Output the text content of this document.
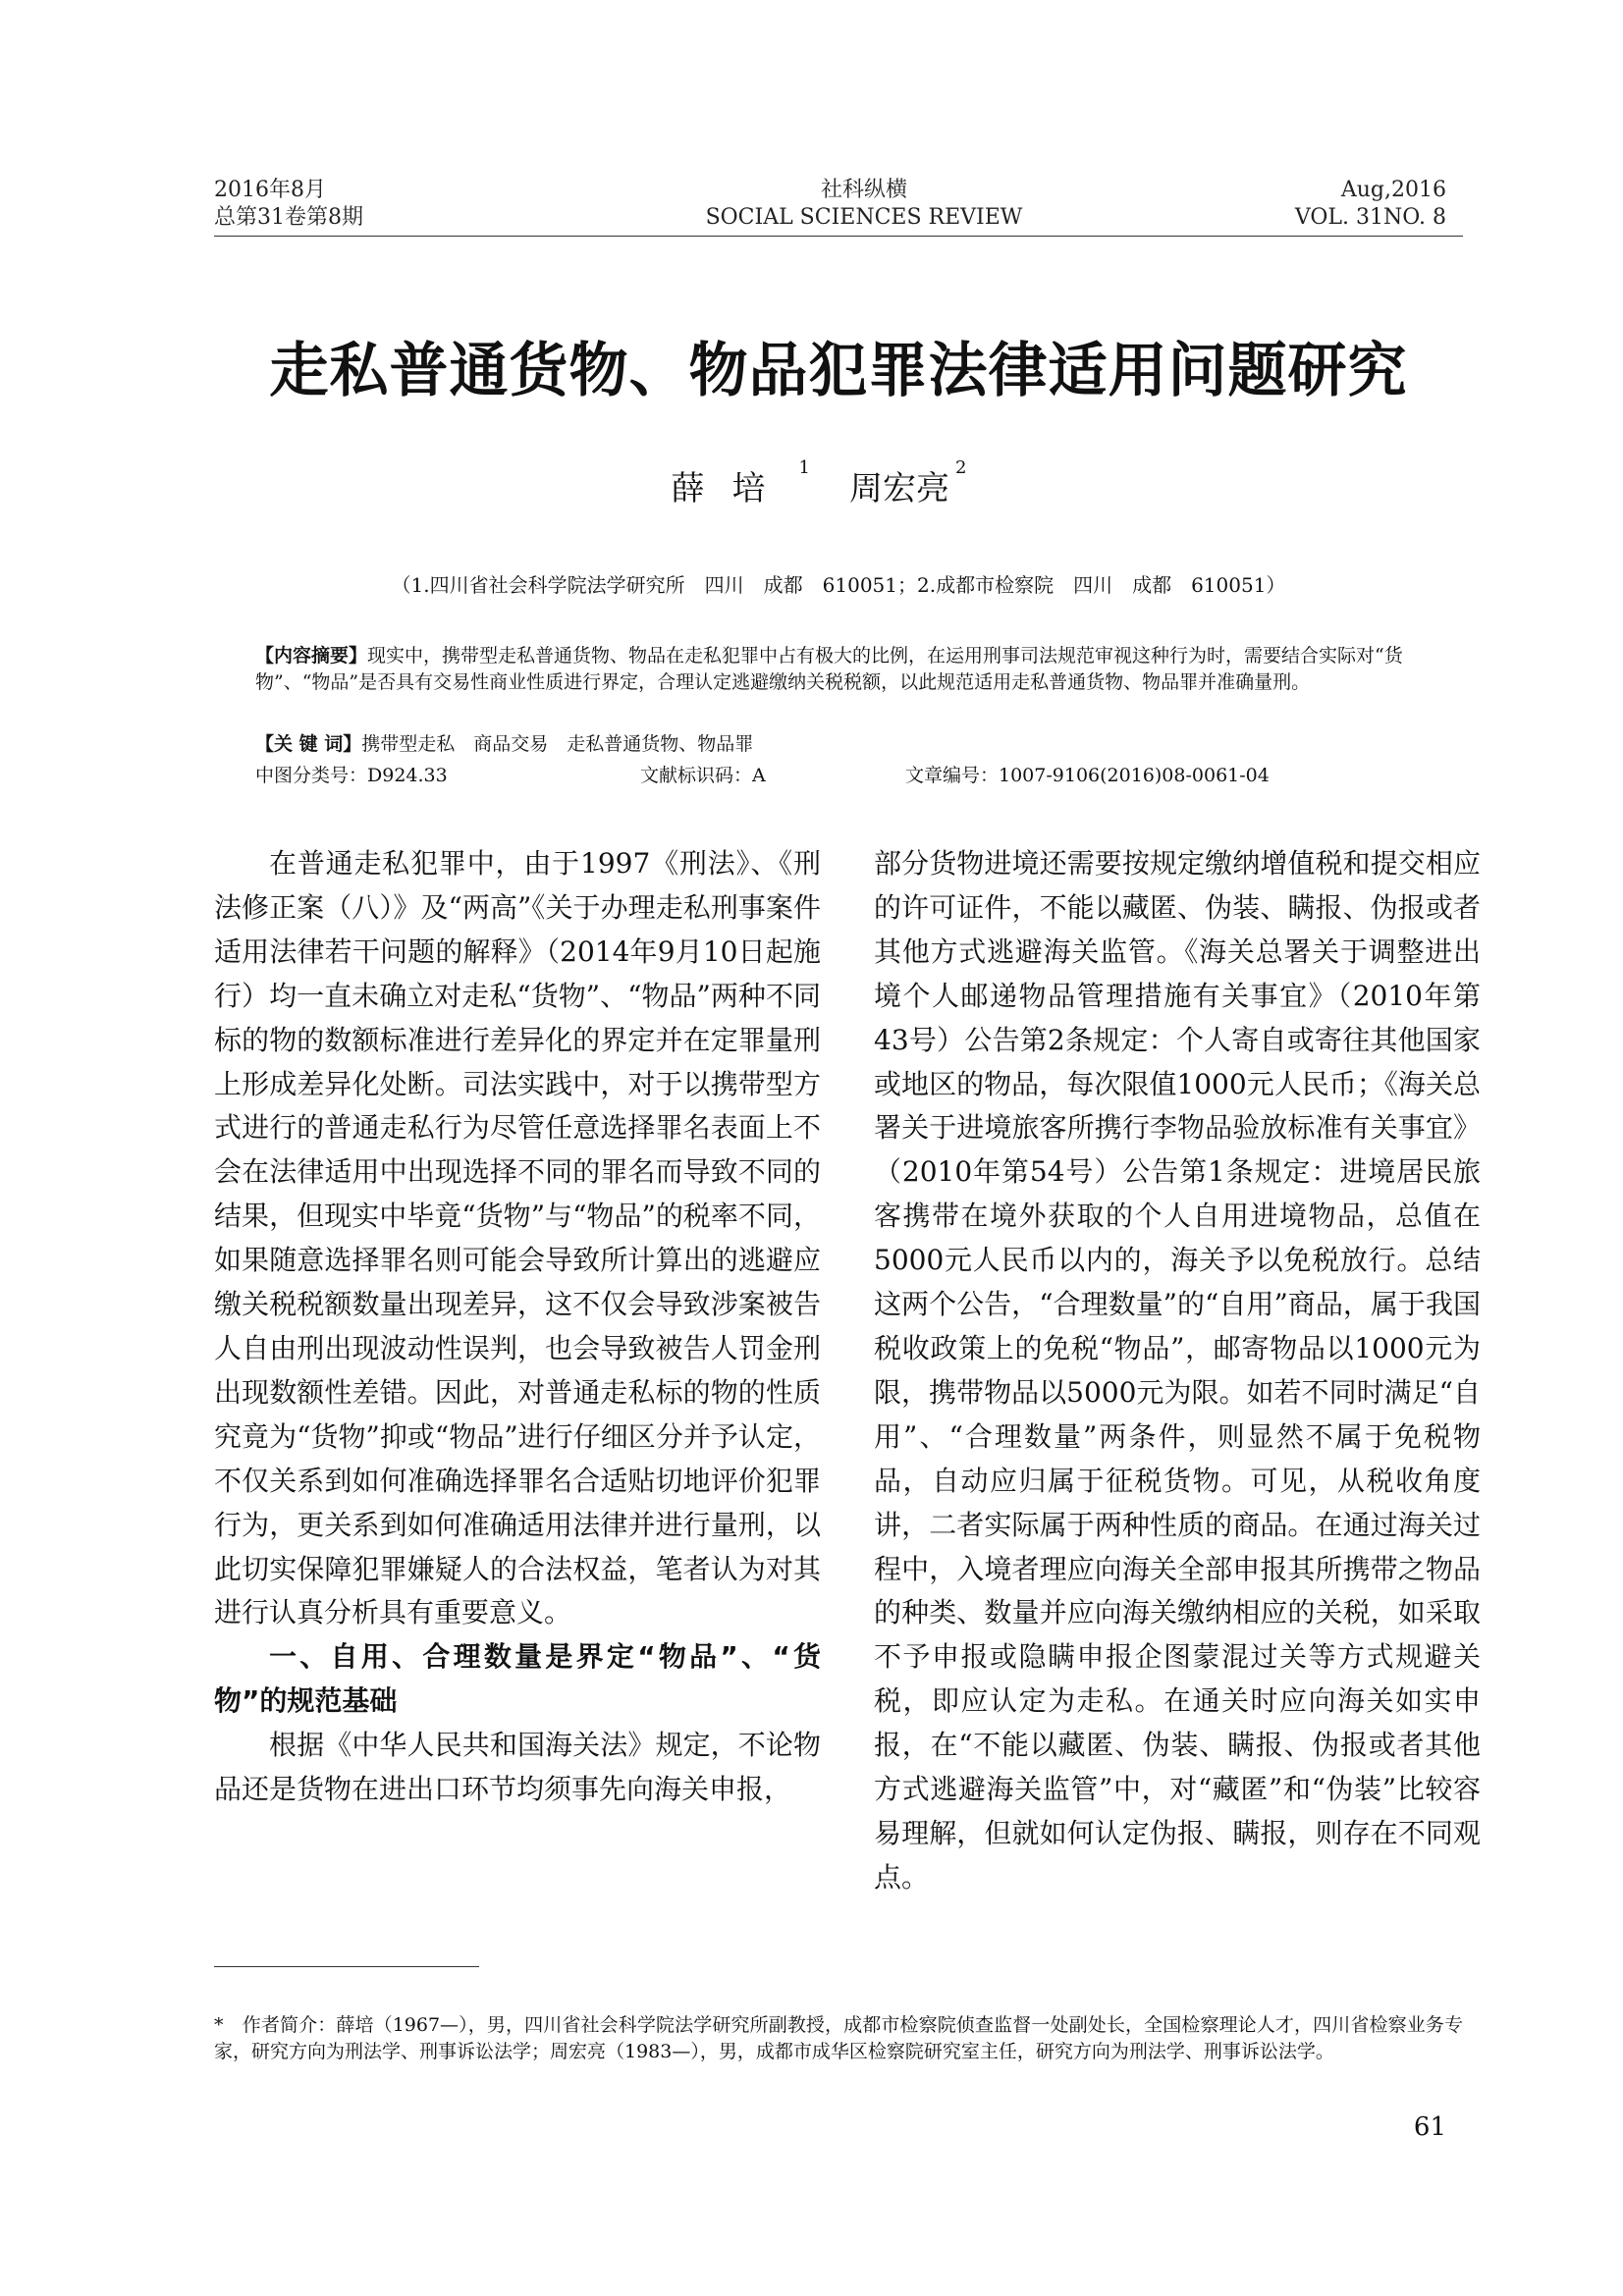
2016年8月
总第31卷第8期
社科纵横
SOCIAL SCIENCES REVIEW
Aug,2016
VOL. 31NO. 8
走私普通货物、物品犯罪法律适用问题研究
薛培$^1$周宏亮$^2$
（1.四川省社会科学院法学研究所　四川　成都　610051；2.成都市检察院　四川　成都　610051）
【内容摘要】现实中，携带型走私普通货物、物品在走私犯罪中占有极大的比例，在运用刑事司法规范审视这种行为时，需要结合实际对“货物”、“物品”是否具有交易性商业性质进行界定，合理认定逃避缴纳关税税额，以此规范适用走私普通货物、物品罪并准确量刑。
【关 键 词】携带型走私　商品交易　走私普通货物、物品罪
中图分类号：D924.33	文献标识码：A	文章编号：1007-9106(2016)08-0061-04

在普通走私犯罪中，由于1997《刑法》、《刑法修正案（八）》及“两高”《关于办理走私刑事案件适用法律若干问题的解释》（2014年9月10日起施行）均一直未确立对走私“货物”、“物品”两种不同标的物的数额标准进行差异化的界定并在定罪量刑上形成差异化处断。司法实践中，对于以携带型方式进行的普通走私行为尽管任意选择罪名表面上不会在法律适用中出现选择不同的罪名而导致不同的结果，但现实中毕竟“货物”与“物品”的税率不同，如果随意选择罪名则可能会导致所计算出的逃避应缴关税税额数量出现差异，这不仅会导致涉案被告人自由刑出现波动性误判，也会导致被告人罚金刑出现数额性差错。因此，对普通走私标的物的性质究竟为“货物”抑或“物品”进行仔细区分并予认定，不仅关系到如何准确选择罪名合适贴切地评价犯罪行为，更关系到如何准确适用法律并进行量刑，以此切实保障犯罪嫌疑人的合法权益，笔者认为对其进行认真分析具有重要意义。

一、自用、合理数量是界定“物品”、“货物”的规范基础

根据《中华人民共和国海关法》规定，不论物品还是货物在进出口环节均须事先向海关申报，

部分货物进境还需要按规定缴纳增值税和提交相应的许可证件，不能以藏匿、伪装、瞒报、伪报或者其他方式逃避海关监管。《海关总署关于调整进出境个人邮递物品管理措施有关事宜》（2010年第43号）公告第2条规定：个人寄自或寄往其他国家或地区的物品，每次限值1000元人民币；《海关总署关于进境旅客所携行李物品验放标准有关事宜》（2010年第54号）公告第1条规定：进境居民旅客携带在境外获取的个人自用进境物品，总值在5000元人民币以内的，海关予以免税放行。总结这两个公告，“合理数量”的“自用”商品，属于我国税收政策上的免税“物品”，邮寄物品以1000元为限，携带物品以5000元为限。如若不同时满足“自用”、“合理数量”两条件，则显然不属于免税物品，自动应归属于征税货物。可见，从税收角度讲，二者实际属于两种性质的商品。在通过海关过程中，入境者理应向海关全部申报其所携带之物品的种类、数量并应向海关缴纳相应的关税，如采取不予申报或隐瞒申报企图蒙混过关等方式规避关税，即应认定为走私。在通关时应向海关如实申报，在“不能以藏匿、伪装、瞒报、伪报或者其他方式逃避海关监管”中，对“藏匿”和“伪装”比较容易理解，但就如何认定伪报、瞒报，则存在不同观点。

*　作者简介：薛培（1967—），男，四川省社会科学院法学研究所副教授，成都市检察院侦查监督一处副处长，全国检察理论人才，四川省检察业务专家，研究方向为刑法学、刑事诉讼法学；周宏亮（1983—），男，成都市成华区检察院研究室主任，研究方向为刑法学、刑事诉讼法学。
61
